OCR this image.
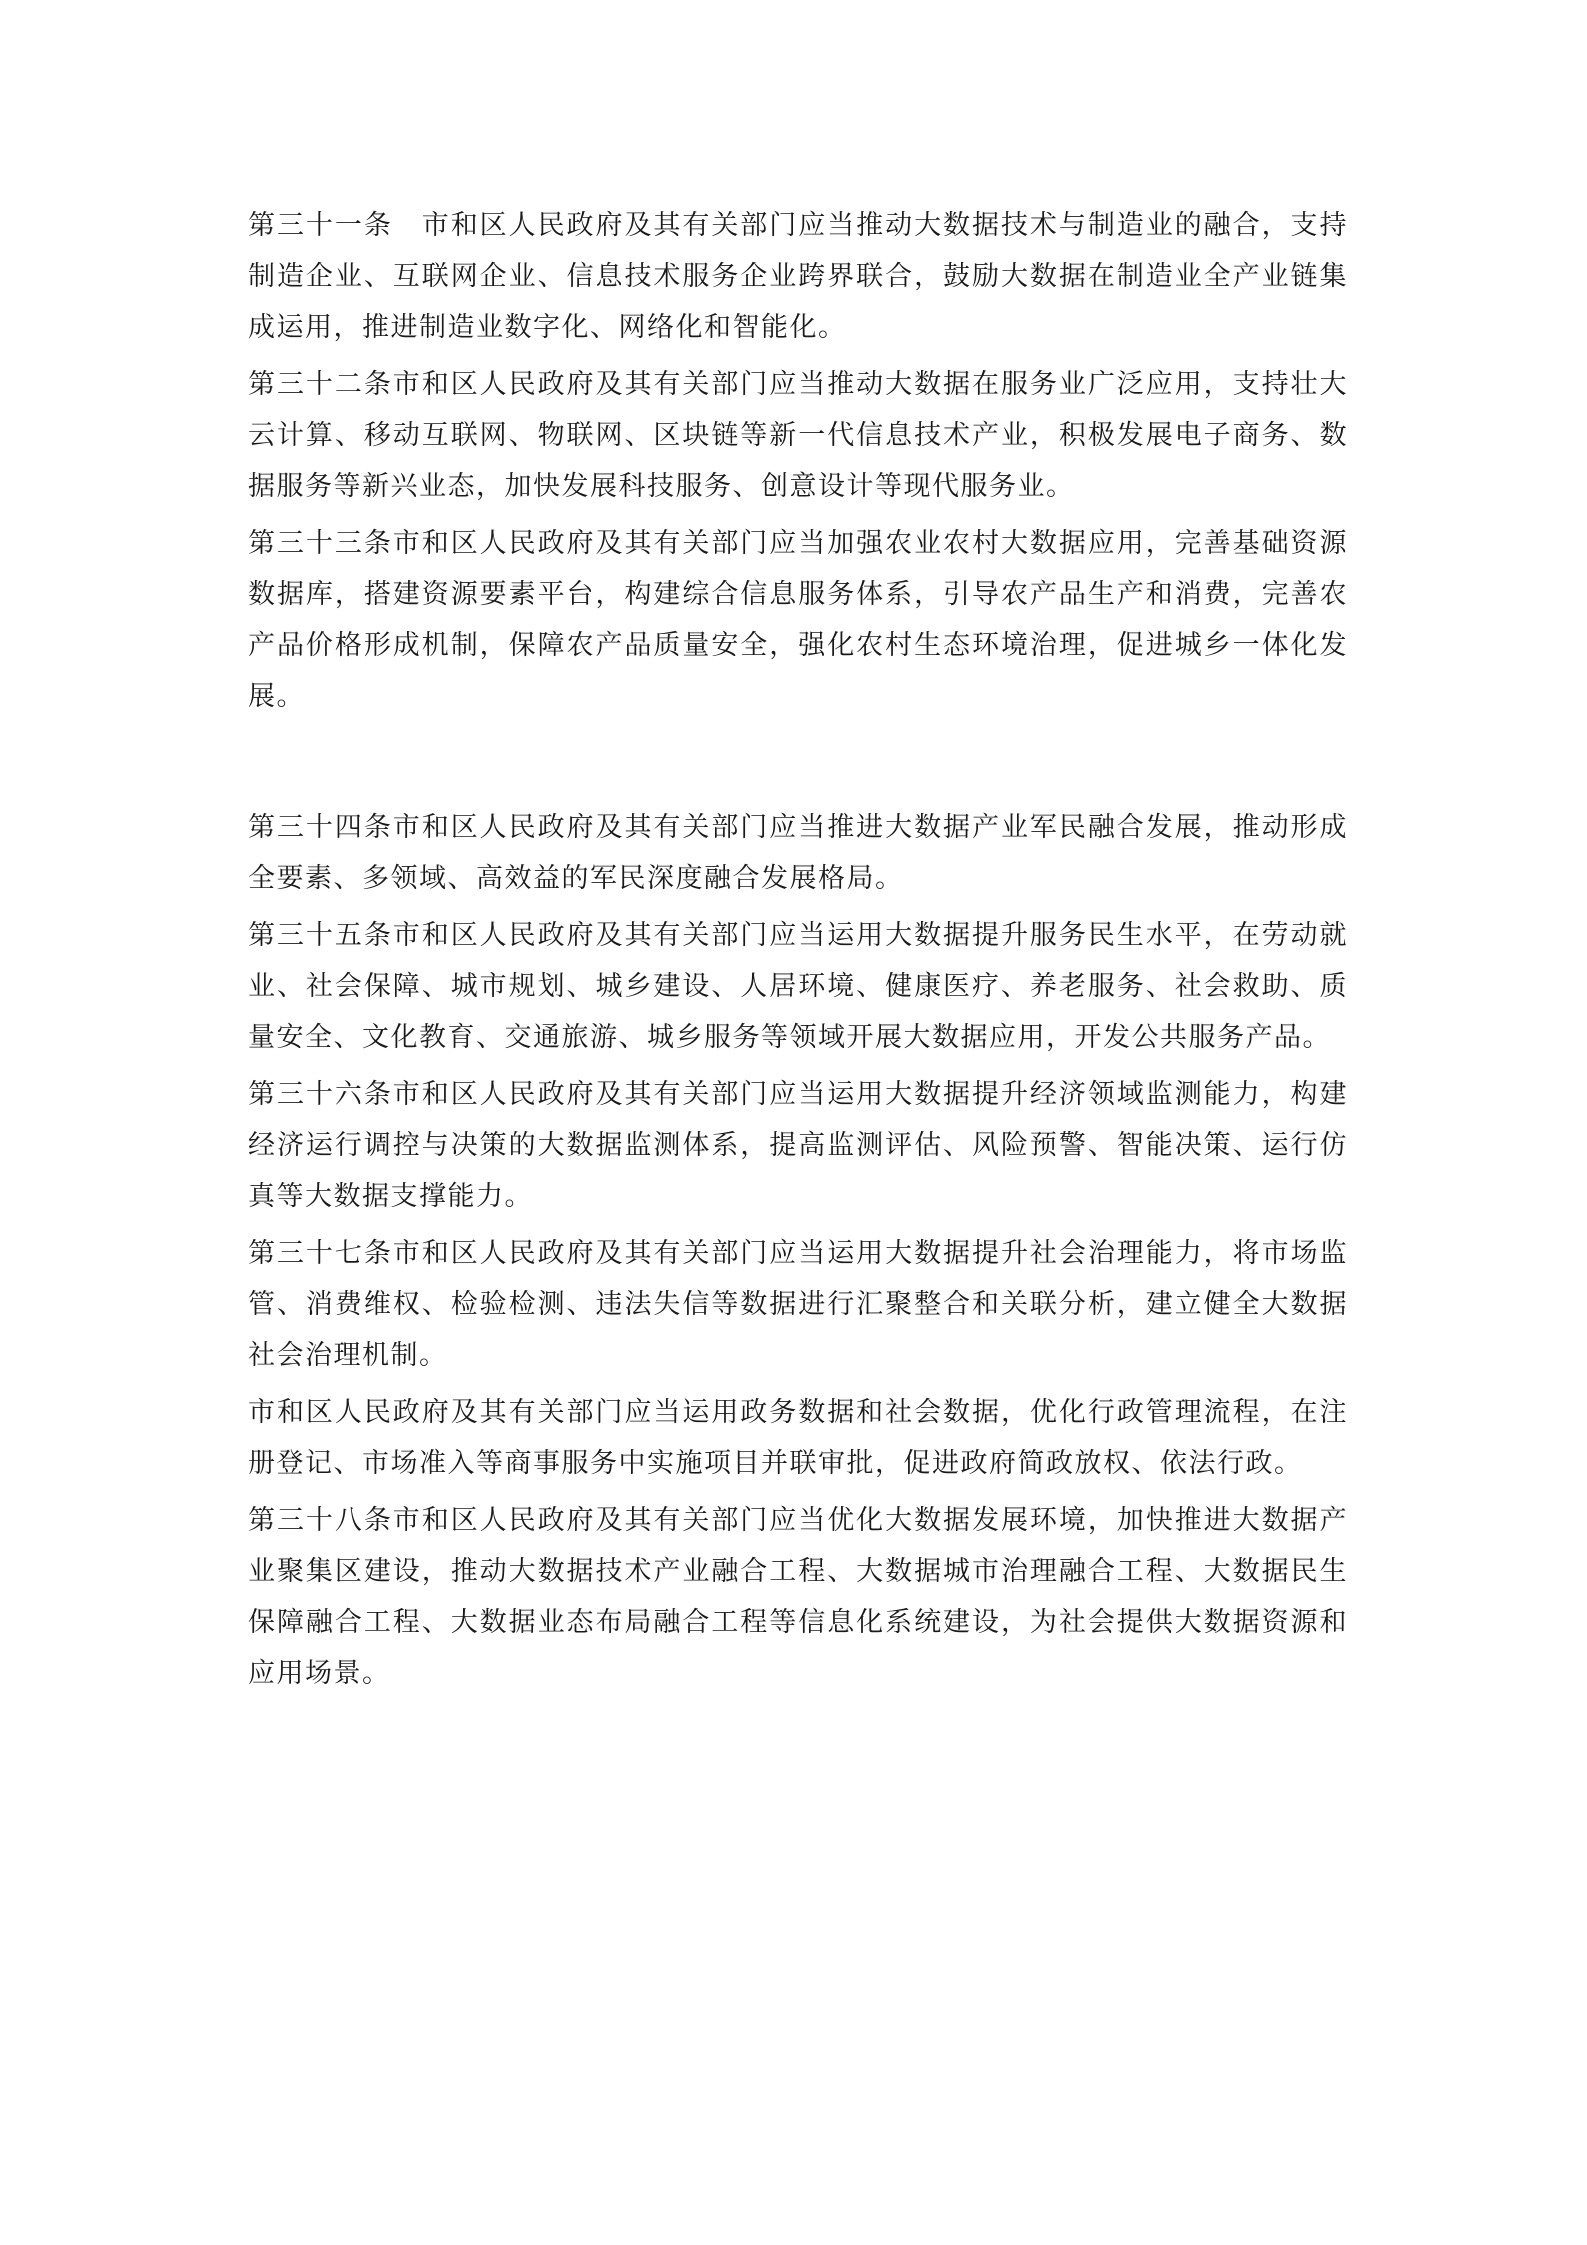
第三十一条　市和区人民政府及其有关部门应当推动大数据技术与制造业的融合，支持制造企业、互联网企业、信息技术服务企业跨界联合，鼓励大数据在制造业全产业链集成运用，推进制造业数字化、网络化和智能化。

第三十二条市和区人民政府及其有关部门应当推动大数据在服务业广泛应用，支持壮大云计算、移动互联网、物联网、区块链等新一代信息技术产业，积极发展电子商务、数据服务等新兴业态，加快发展科技服务、创意设计等现代服务业。

第三十三条市和区人民政府及其有关部门应当加强农业农村大数据应用，完善基础资源数据库，搭建资源要素平台，构建综合信息服务体系，引导农产品生产和消费，完善农产品价格形成机制，保障农产品质量安全，强化农村生态环境治理，促进城乡一体化发展。

第三十四条市和区人民政府及其有关部门应当推进大数据产业军民融合发展，推动形成全要素、多领域、高效益的军民深度融合发展格局。

第三十五条市和区人民政府及其有关部门应当运用大数据提升服务民生水平，在劳动就业、社会保障、城市规划、城乡建设、人居环境、健康医疗、养老服务、社会救助、质量安全、文化教育、交通旅游、城乡服务等领域开展大数据应用，开发公共服务产品。

第三十六条市和区人民政府及其有关部门应当运用大数据提升经济领域监测能力，构建经济运行调控与决策的大数据监测体系，提高监测评估、风险预警、智能决策、运行仿真等大数据支撑能力。

第三十七条市和区人民政府及其有关部门应当运用大数据提升社会治理能力，将市场监管、消费维权、检验检测、违法失信等数据进行汇聚整合和关联分析，建立健全大数据社会治理机制。

市和区人民政府及其有关部门应当运用政务数据和社会数据，优化行政管理流程，在注册登记、市场准入等商事服务中实施项目并联审批，促进政府简政放权、依法行政。

第三十八条市和区人民政府及其有关部门应当优化大数据发展环境，加快推进大数据产业聚集区建设，推动大数据技术产业融合工程、大数据城市治理融合工程、大数据民生保障融合工程、大数据业态布局融合工程等信息化系统建设，为社会提供大数据资源和应用场景。
